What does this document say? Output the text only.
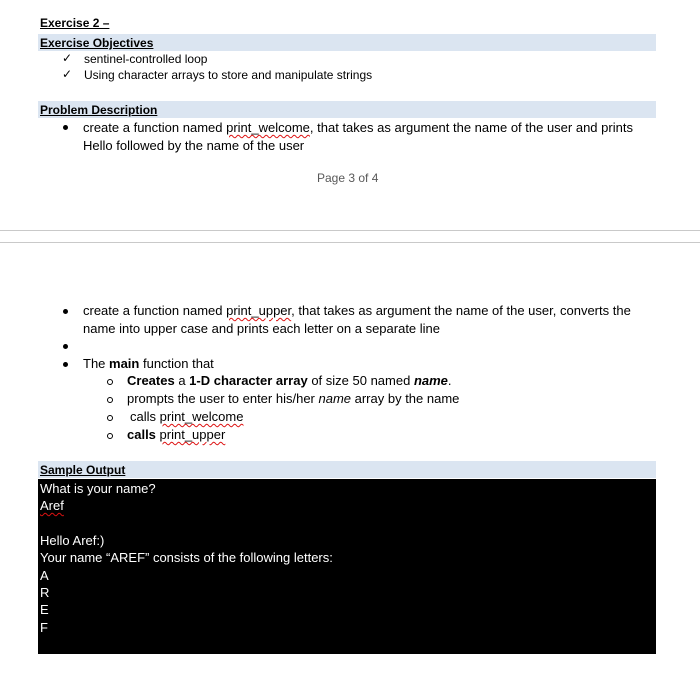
Exercise 2 –
Exercise Objectives
✓ sentinel-controlled loop
✓ Using character arrays to store and manipulate strings
Problem Description
create a function named print_welcome, that takes as argument the name of the user and prints
Hello followed by the name of the user
Page 3 of 4
create a function named print_upper, that takes as argument the name of the user, converts the
name into upper case and prints each letter on a separate line
The main function that
Creates a 1-D character array of size 50 named name.
prompts the user to enter his/her name array by the name
calls print_welcome
calls print_upper
Sample Output
What is your name?
Aref
Hello Aref:)
Your name “AREF” consists of the following letters:
A
R
E
F
